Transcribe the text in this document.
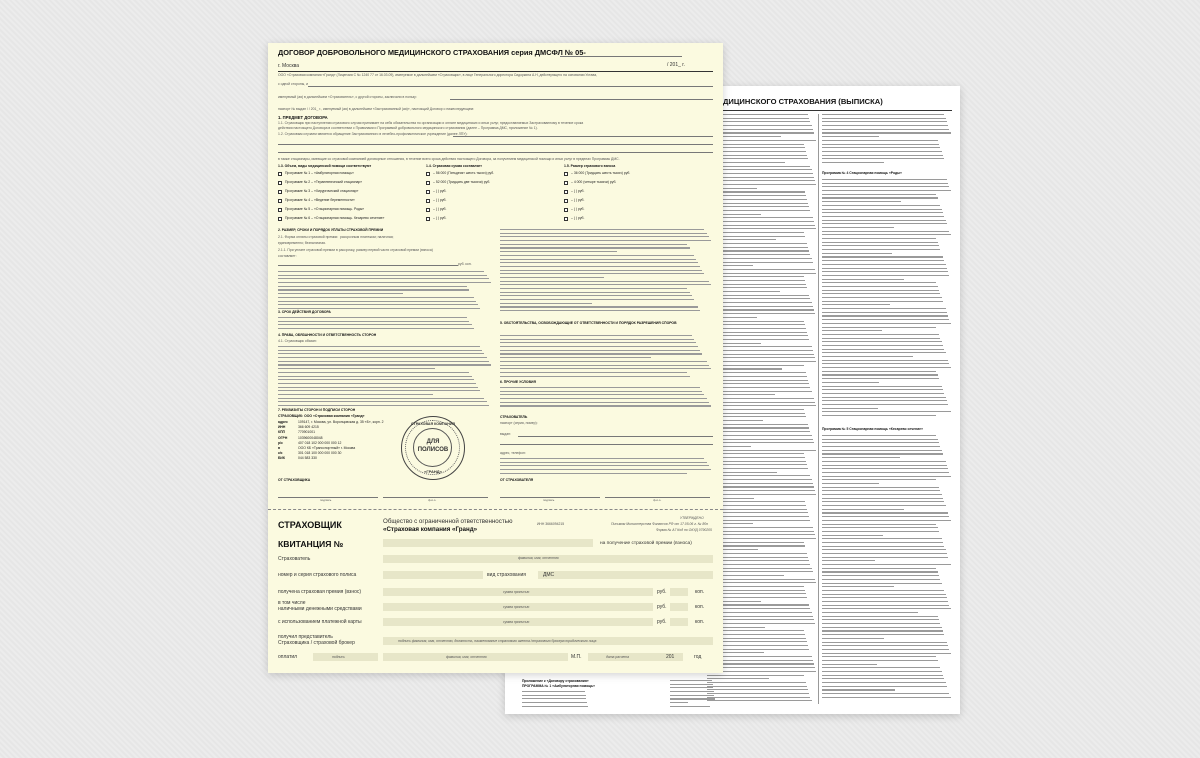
ДИЦИНСКОГО СТРАХОВАНИЯ (ВЫПИСКА)
Программа № 4 Стационарная помощь «Роды»
Программа № 5 Стационарная помощь «Кесарево сечение»
Приложение к «Договору страхования»
ПРОГРАММА № 1 «Амбулаторная помощь»
ДОГОВОР ДОБРОВОЛЬНОГО МЕДИЦИНСКОГО СТРАХОВАНИЯ серия ДМСФЛ № 05-
г. Москва	/ 201_ г.
ООО «Страховая компания «Гранд» (Лицензия С № 1240 77 от 16.03.09), именуемое в дальнейшем «Страховщик», в лице Генерального директора Сидоркина А.Н, действующего на основании Устава,
с одной стороны, и
именуемый (ая) в дальнейшем «Страхователь», с другой стороны, заключили в пользу:
паспорт № выдан / / 201_ г., именуемый (ая) в дальнейшем «Застрахованный (ая)», настоящий Договор о нижеследующем:
1. ПРЕДМЕТ ДОГОВОРА
1.1. Страховщик при наступлении страхового случая принимает на себя обязательства по организации и оплате медицинских и иных услуг, предоставляемых Застрахованному в течение срока
действия настоящего Договора в соответствии с Правилами и Программой добровольного медицинского страхования (далее – Программа ДМС, приложение № 1).
1.2. Страховым случаем является обращение Застрахованного в лечебно-профилактическое учреждение (далее ЛПУ):
в также стационары, имеющие со страховой компанией договорные отношения, в течение всего срока действия настоящего Договора, за получением медицинской помощи и иных услуг в пределах Программы ДМС.
1.3. Объем, виды медицинской помощи соответствуют	1.4. Страховая сумма составляет	1.5. Размер страхового взноса
Программе № 1 – «Амбулаторная помощь»	– 56 000 (Пятьдесят шесть тысяч) руб.	– 36 000 (Тридцать шесть тысяч) руб.
Программе № 2 – «Терапевтический стационар»	– 52 000 (Тридцать две тысячи) руб.	– 4 000 (четыре тысячи) руб.
Программе № 3 – «Хирургический стационар»	– ( ) руб.	– ( ) руб.
Программе № 4 – «Ведение беременности»	– ( ) руб.	– ( ) руб.
Программе № 5 – «Стационарная помощь. Роды»	– ( ) руб.	– ( ) руб.
Программе № 6 – «Стационарная помощь. Кесарево сечение»	– ( ) руб.	– ( ) руб.
2. РАЗМЕР, СРОКИ И ПОРЯДОК УПЛАТЫ СТРАХОВОЙ ПРЕМИИ
2.1. Форма оплаты страховой премии: рассрочным платежом; наличная;
единовременно; безналичная.
2.1.1. При уплате страховой премии в рассрочку, размер первой части страховой премии (взноса)
составляет:
руб. коп.
3. СРОК ДЕЙСТВИЯ ДОГОВОРА
4. ПРАВА, ОБЯЗАННОСТИ И ОТВЕТСТВЕННОСТЬ СТОРОН
4.1. Страховщик обязан:
7. РЕКВИЗИТЫ СТОРОН И ПОДПИСИ СТОРОН
СТРАХОВЩИК: ООО «Страховая компания «Гранд»
адрес	109147, г. Москва, ул. Воронцовская д. 35 «Б», корп. 2
ИНН	366 609 4215
КПП	770901001
ОГРН	1039600048048
р/с	407 018 102 000 000 000 12
в	ООО КБ «Трансспортный» г. Москва
к/с	301 018 100 000 000 000 30
БИК	044 583 330
СТРАХОВАЯ КОМПАНИЯ
ДЛЯ
ПОЛИСОВ
«ГРАНД»
ОТ СТРАХОВЩИКА
подпись	ф.и.о.
5. ОБСТОЯТЕЛЬСТВА, ОСВОБОЖДАЮЩИЕ ОТ ОТВЕТСТВЕННОСТИ И ПОРЯДОК РАЗРЕШЕНИЯ СПОРОВ
6. ПРОЧИЕ УСЛОВИЯ
СТРАХОВАТЕЛЬ
паспорт (серия, номер):
выдан:
адрес, телефон:
ОТ СТРАХОВАТЕЛЯ
подпись	ф.и.о.
СТРАХОВЩИК	Общество с ограниченной ответственностью
«Страховая компания «Гранд»
ИНН 3666094215
УТВЕРЖДЕНО
Письмом Министерства Финансов РФ от 17.05.06 г. № 80н
Форма № А7 Код по ОКУД 0790205
КВИТАНЦИЯ №	на получение страховой премии (взноса)
Страхователь	фамилия, имя, отчество
номер и серия страхового полиса	вид страхования	ДМС
получена страховая премия (взнос)	сумма прописью	руб.	коп.
в том числе
наличными денежными средствами	сумма прописью	руб.	коп.
с использованием платежной карты	сумма прописью	руб.	коп.
получил представитель
Страховщика / страховой брокер	подпись фамилия, имя, отчество, должность, наименование страхового агента /страхового брокера юридического лица
оплатил	подпись	фамилия, имя, отчество	М.П.	дата расчета	201	год
